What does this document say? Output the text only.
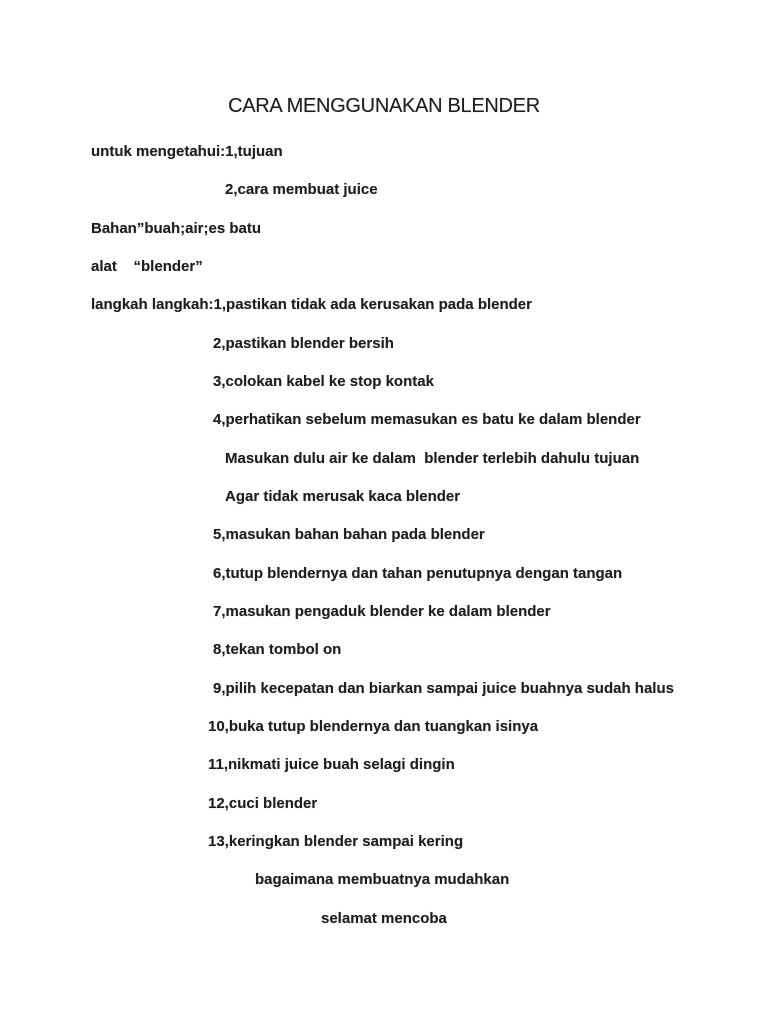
CARA MENGGUNAKAN BLENDER
untuk mengetahui:1,tujuan
2,cara membuat juice
Bahan”buah;air;es batu
alat    “blender”
langkah langkah:1,pastikan tidak ada kerusakan pada blender
2,pastikan blender bersih
3,colokan kabel ke stop kontak
4,perhatikan sebelum memasukan es batu ke dalam blender
Masukan dulu air ke dalam  blender terlebih dahulu tujuan
Agar tidak merusak kaca blender
5,masukan bahan bahan pada blender
6,tutup blendernya dan tahan penutupnya dengan tangan
7,masukan pengaduk blender ke dalam blender
8,tekan tombol on
9,pilih kecepatan dan biarkan sampai juice buahnya sudah halus
10,buka tutup blendernya dan tuangkan isinya
11,nikmati juice buah selagi dingin
12,cuci blender
13,keringkan blender sampai kering
bagaimana membuatnya mudahkan
selamat mencoba
